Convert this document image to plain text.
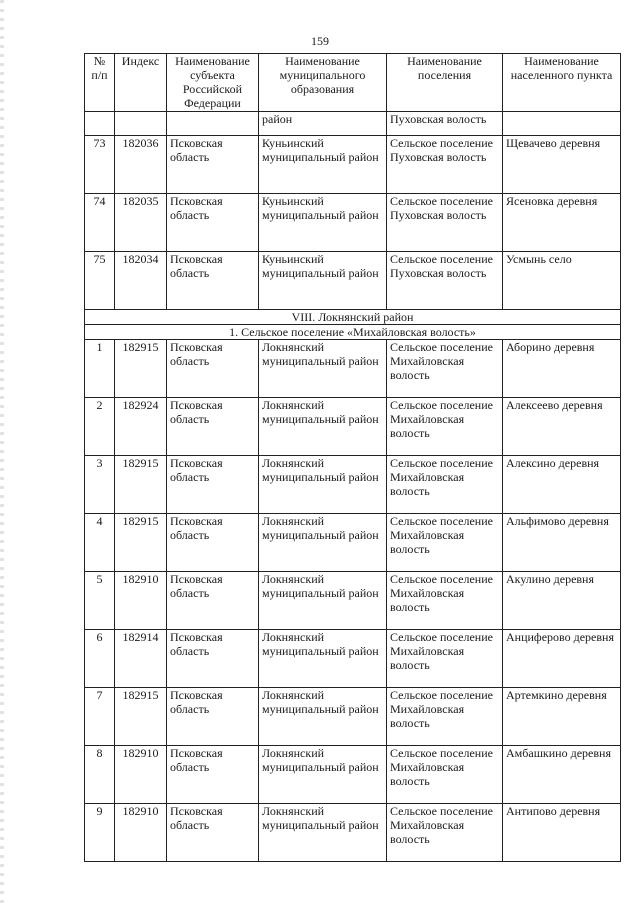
159
№ п/п	Индекс	Наименование субъекта Российской Федерации	Наименование муниципального образования	Наименование поселения	Наименование населенного пункта
			район	Пуховская волость	
73	182036	Псковская область	Куньинский муниципальный район	Сельское поселение Пуховская волость	Щевачево деревня
74	182035	Псковская область	Куньинский муниципальный район	Сельское поселение Пуховская волость	Ясеновка деревня
75	182034	Псковская область	Куньинский муниципальный район	Сельское поселение Пуховская волость	Усмынь село
VIII. Локнянский район					
1. Сельское поселение «Михайловская волость»					
1	182915	Псковская область	Локнянский муниципальный район	Сельское поселение Михайловская волость	Аборино деревня
2	182924	Псковская область	Локнянский муниципальный район	Сельское поселение Михайловская волость	Алексеево деревня
3	182915	Псковская область	Локнянский муниципальный район	Сельское поселение Михайловская волость	Алексино деревня
4	182915	Псковская область	Локнянский муниципальный район	Сельское поселение Михайловская волость	Альфимово деревня
5	182910	Псковская область	Локнянский муниципальный район	Сельское поселение Михайловская волость	Акулино деревня
6	182914	Псковская область	Локнянский муниципальный район	Сельское поселение Михайловская волость	Анциферово деревня
7	182915	Псковская область	Локнянский муниципальный район	Сельское поселение Михайловская волость	Артемкино деревня
8	182910	Псковская область	Локнянский муниципальный район	Сельское поселение Михайловская волость	Амбашкино деревня
9	182910	Псковская область	Локнянский муниципальный район	Сельское поселение Михайловская волость	Антипово деревня
